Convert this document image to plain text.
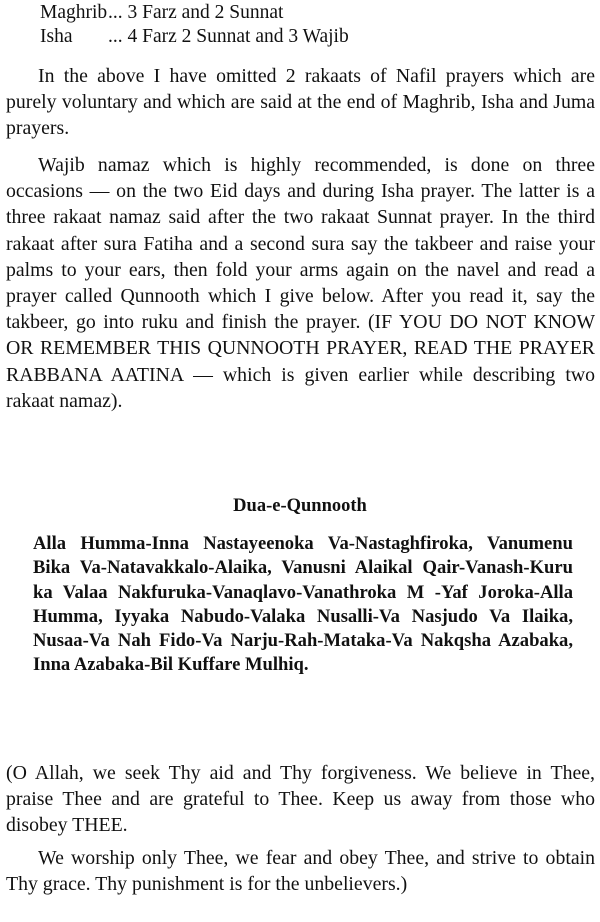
Maghrib... 3 Farz and 2 Sunnat
Isha ... 4 Farz 2 Sunnat and 3 Wajib

In the above I have omitted 2 rakaats of Nafil prayers which are purely voluntary and which are said at the end of Maghrib, Isha and Juma prayers.

Wajib namaz which is highly recommended, is done on three occasions — on the two Eid days and during Isha prayer. The latter is a three rakaat namaz said after the two rakaat Sunnat prayer. In the third rakaat after sura Fatiha and a second sura say the takbeer and raise your palms to your ears, then fold your arms again on the navel and read a prayer called Qunnooth which I give below. After you read it, say the takbeer, go into ruku and finish the prayer. (IF YOU DO NOT KNOW OR REMEMBER THIS QUNNOOTH PRAYER, READ THE PRAYER RABBANA AATINA — which is given earlier while describing two rakaat namaz).

Dua-e-Qunnooth

Alla Humma-Inna Nastayeenoka Va-Nastaghfiroka, Vanumenu Bika Va-Natavakkalo-Alaika, Vanusni Alaikal Qair-Vanash-Kuru ka Valaa Nakfuruka-Vanaqlavo-Vanathroka M -Yaf Joroka-Alla Humma, Iyyaka Nabudo-Valaka Nusalli-Va Nasjudo Va Ilaika, Nusaa-Va Nah Fido-Va Narju-Rah-Mataka-Va Nakqsha Azabaka, Inna Azabaka-Bil Kuffare Mulhiq.

(O Allah, we seek Thy aid and Thy forgiveness. We believe in Thee, praise Thee and are grateful to Thee. Keep us away from those who disobey THEE.

We worship only Thee, we fear and obey Thee, and strive to obtain Thy grace. Thy punishment is for the unbelievers.)
